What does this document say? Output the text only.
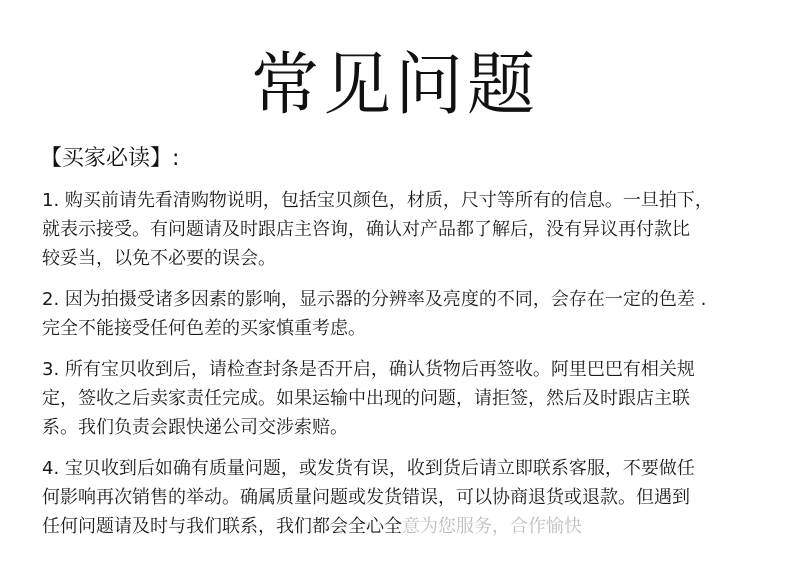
常见问题
【买家必读】:
1. 购买前请先看清购物说明，包括宝贝颜色，材质，尺寸等所有的信息。一旦拍下，
就表示接受。有问题请及时跟店主咨询，确认对产品都了解后，没有异议再付款比
较妥当，以免不必要的误会。
2. 因为拍摄受诸多因素的影响，显示器的分辨率及亮度的不同，会存在一定的色差 .
完全不能接受任何色差的买家慎重考虑。
3. 所有宝贝收到后，请检查封条是否开启，确认货物后再签收。阿里巴巴有相关规
定，签收之后卖家责任完成。如果运输中出现的问题，请拒签，然后及时跟店主联
系。我们负责会跟快递公司交涉索赔。
4. 宝贝收到后如确有质量问题，或发货有误，收到货后请立即联系客服，不要做任
何影响再次销售的举动。确属质量问题或发货错误，可以协商退货或退款。但遇到
任何问题请及时与我们联系，我们都会全心全意为您服务，合作愉快
